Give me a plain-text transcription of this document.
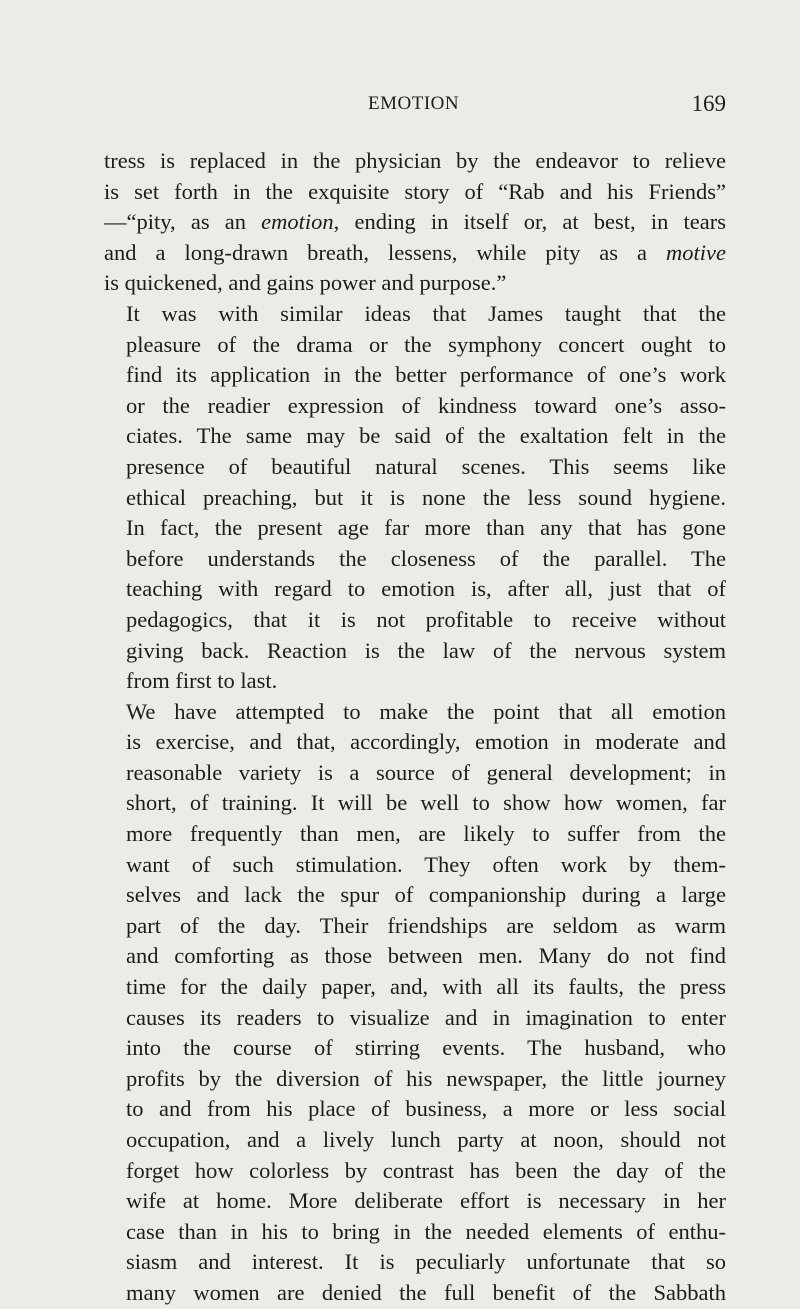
EMOTION	169

tress is replaced in the physician by the endeavor to relieve
is set forth in the exquisite story of “Rab and his Friends”
—“pity, as an emotion, ending in itself or, at best, in tears
and a long-drawn breath, lessens, while pity as a motive
is quickened, and gains power and purpose.”

It was with similar ideas that James taught that the
pleasure of the drama or the symphony concert ought to
find its application in the better performance of one’s work
or the readier expression of kindness toward one’s asso-
ciates. The same may be said of the exaltation felt in the
presence of beautiful natural scenes. This seems like
ethical preaching, but it is none the less sound hygiene.
In fact, the present age far more than any that has gone
before understands the closeness of the parallel. The
teaching with regard to emotion is, after all, just that of
pedagogics, that it is not profitable to receive without
giving back. Reaction is the law of the nervous system
from first to last.

We have attempted to make the point that all emotion
is exercise, and that, accordingly, emotion in moderate and
reasonable variety is a source of general development; in
short, of training. It will be well to show how women, far
more frequently than men, are likely to suffer from the
want of such stimulation. They often work by them-
selves and lack the spur of companionship during a large
part of the day. Their friendships are seldom as warm
and comforting as those between men. Many do not find
time for the daily paper, and, with all its faults, the press
causes its readers to visualize and in imagination to enter
into the course of stirring events. The husband, who
profits by the diversion of his newspaper, the little journey
to and from his place of business, a more or less social
occupation, and a lively lunch party at noon, should not
forget how colorless by contrast has been the day of the
wife at home. More deliberate effort is necessary in her
case than in his to bring in the needed elements of enthu-
siasm and interest. It is peculiarly unfortunate that so
many women are denied the full benefit of the Sabbath
